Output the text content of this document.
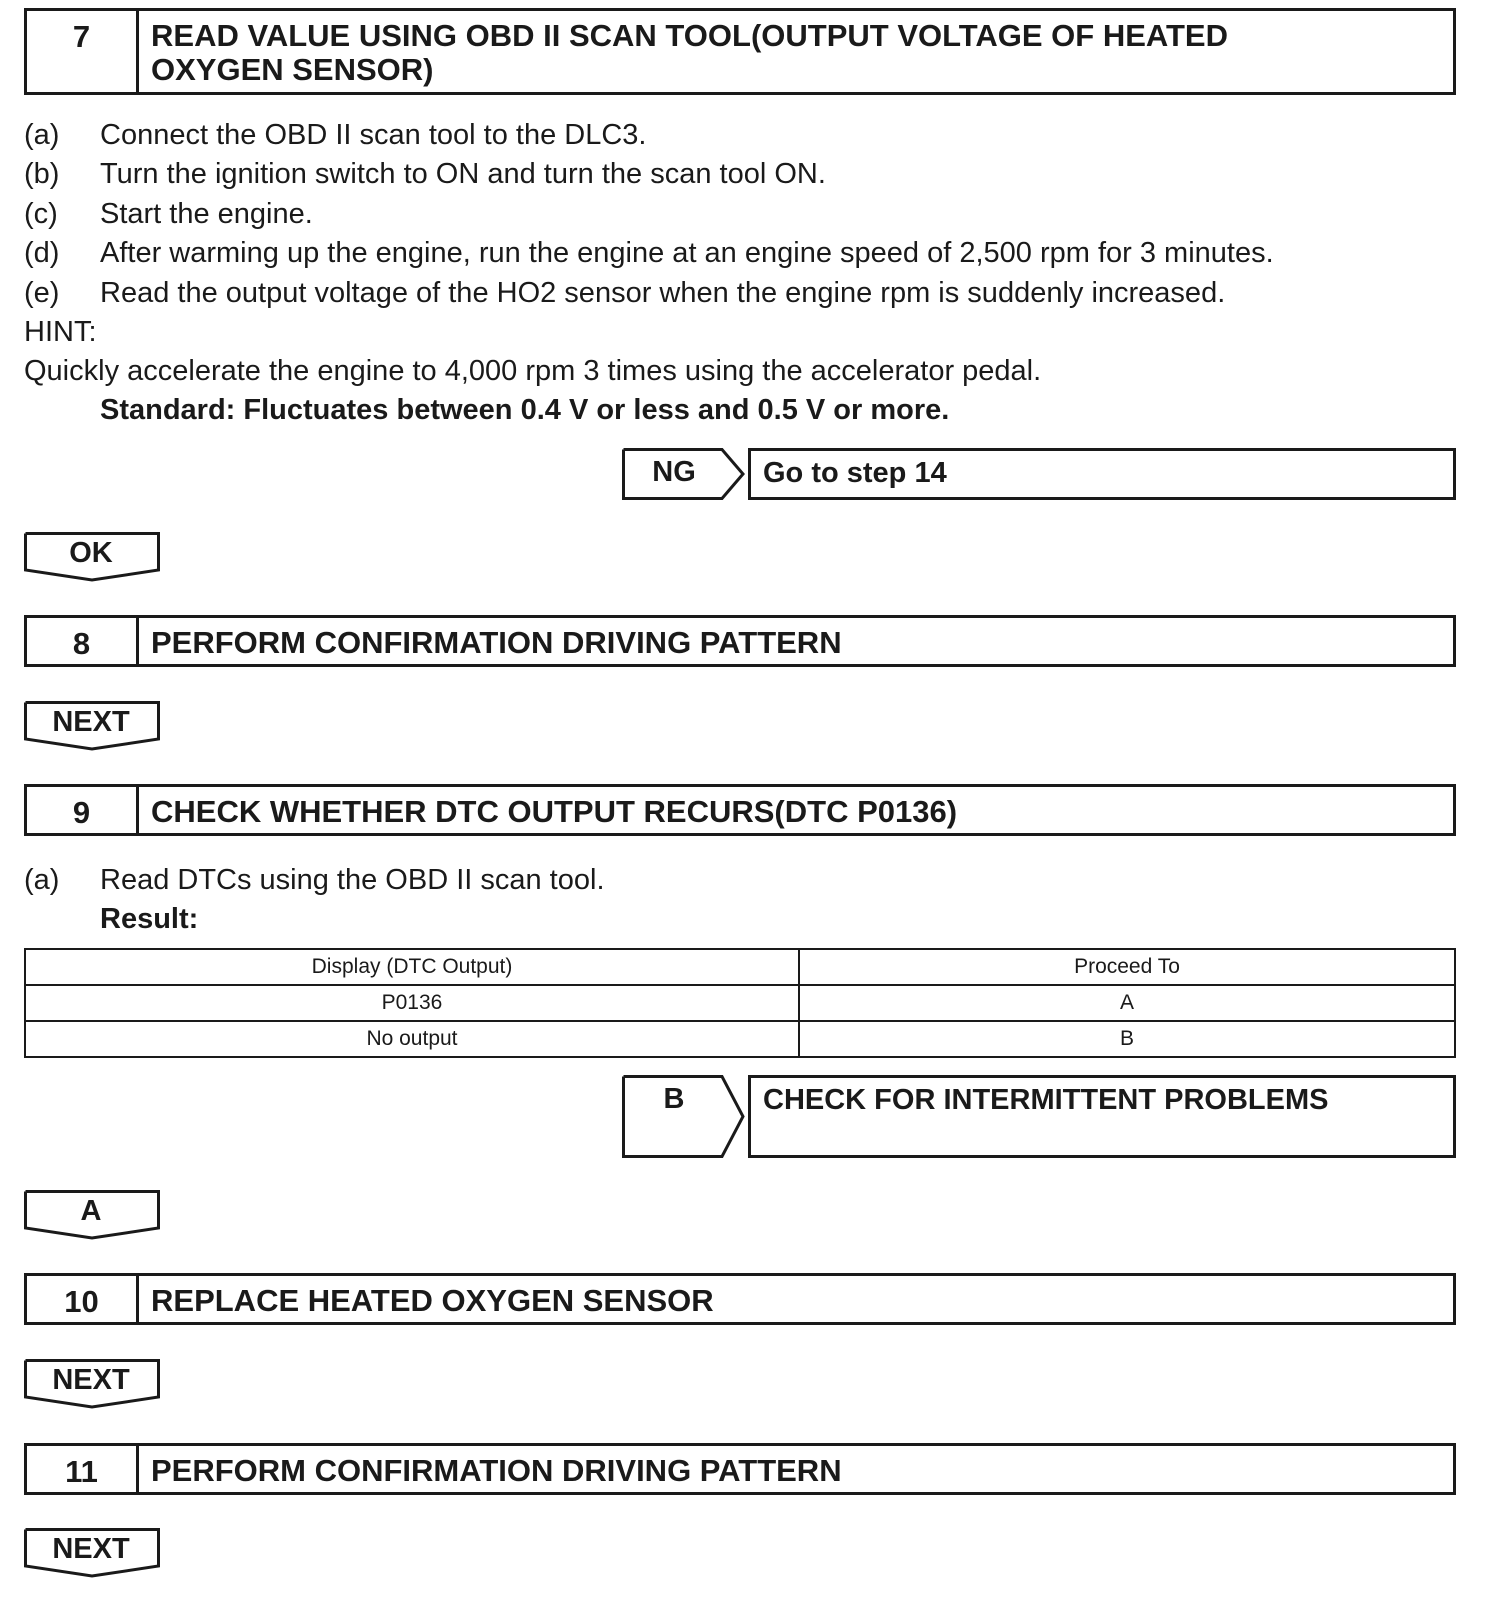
7	READ VALUE USING OBD II SCAN TOOL(OUTPUT VOLTAGE OF HEATED
OXYGEN SENSOR)
(a) Connect the OBD II scan tool to the DLC3.
(b) Turn the ignition switch to ON and turn the scan tool ON.
(c) Start the engine.
(d) After warming up the engine, run the engine at an engine speed of 2,500 rpm for 3 minutes.
(e) Read the output voltage of the HO2 sensor when the engine rpm is suddenly increased.
HINT:
Quickly accelerate the engine to 4,000 rpm 3 times using the accelerator pedal.
Standard: Fluctuates between 0.4 V or less and 0.5 V or more.
NG	Go to step 14
OK
8	PERFORM CONFIRMATION DRIVING PATTERN
NEXT
9	CHECK WHETHER DTC OUTPUT RECURS(DTC P0136)
(a) Read DTCs using the OBD II scan tool.
Result:
Display (DTC Output)	Proceed To
P0136	A
No output	B
B	CHECK FOR INTERMITTENT PROBLEMS
A
10	REPLACE HEATED OXYGEN SENSOR
NEXT
11	PERFORM CONFIRMATION DRIVING PATTERN
NEXT
